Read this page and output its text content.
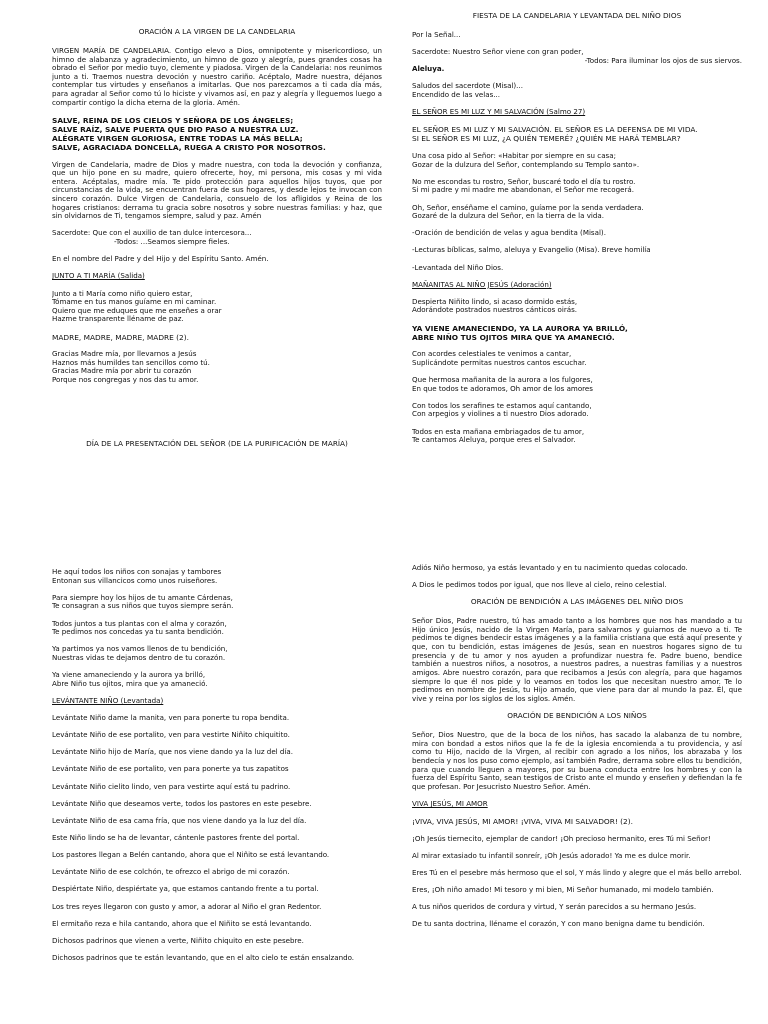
ORACIÓN A LA VIRGEN DE LA CANDELARIA

VIRGEN MARÍA DE CANDELARIA. Contigo elevo a Dios, omnipotente y misericordioso, un himno de alabanza y agradecimiento, un himno de gozo y alegría, pues grandes cosas ha obrado el Señor por medio tuyo, clemente y piadosa. Virgen de la Candelaria: nos reunimos junto a ti. Traemos nuestra devoción y nuestro cariño. Acéptalo, Madre nuestra, déjanos contemplar tus virtudes y enseñanos a imitarlas. Que nos parezcamos a ti cada día más, para agradar al Señor como tú lo hiciste y vivamos así, en paz y alegría y lleguemos luego a compartir contigo la dicha eterna de la gloria. Amén.

SALVE, REINA DE LOS CIELOS Y SEÑORA DE LOS ÁNGELES;
SALVE RAÍZ, SALVE PUERTA QUE DIO PASO A NUESTRA LUZ.
ALÉGRATE VIRGEN GLORIOSA, ENTRE TODAS LA MÁS BELLA;
SALVE, AGRACIADA DONCELLA, RUEGA A CRISTO POR NOSOTROS.

Virgen de Candelaria, madre de Dios y madre nuestra, con toda la devoción y confianza, que un hijo pone en su madre, quiero ofrecerte, hoy, mi persona, mis cosas y mi vida entera. Acéptalas, madre mía. Te pido protección para aquellos hijos tuyos, que por circunstancias de la vida, se encuentran fuera de sus hogares, y desde lejos te invocan con sincero corazón. Dulce Virgen de Candelaria, consuelo de los afligidos y Reina de los hogares cristianos: derrama tu gracia sobre nosotros y sobre nuestras familias: y haz, que sin olvidarnos de Ti, tengamos siempre, salud y paz. Amén

Sacerdote: Que con el auxilio de tan dulce intercesora...
-Todos: ...Seamos siempre fieles.

En el nombre del Padre y del Hijo y del Espíritu Santo. Amén.

JUNTO A TI MARÍA (Salida)

Junto a ti María como niño quiero estar,
Tómame en tus manos guíame en mi caminar.
Quiero que me eduques que me enseñes a orar
Hazme transparente lléname de paz.

MADRE, MADRE, MADRE, MADRE (2).

Gracias Madre mía, por llevarnos a Jesús
Haznos más humildes tan sencillos como tú.
Gracias Madre mía por abrir tu corazón
Porque nos congregas y nos das tu amor.

DÍA DE LA PRESENTACIÓN DEL SEÑOR (DE LA PURIFICACIÓN DE MARÍA)

FIESTA DE LA CANDELARIA Y LEVANTADA DEL NIÑO DIOS

Por la Señal...

Sacerdote: Nuestro Señor viene con gran poder,
-Todos: Para iluminar los ojos de sus siervos.
Aleluya.

Saludos del sacerdote (Misal)...
Encendido de las velas...

EL SEÑOR ES MI LUZ Y MI SALVACIÓN (Salmo 27)

EL SEÑOR ES MI LUZ Y MI SALVACIÓN. EL SEÑOR ES LA DEFENSA DE MI VIDA.
SI EL SEÑOR ES MI LUZ, ¿A QUIÉN TEMERÉ? ¿QUIÉN ME HARÁ TEMBLAR?

Una cosa pido al Señor: «Habitar por siempre en su casa;
Gozar de la dulzura del Señor, contemplando su Templo santo».

No me escondas tu rostro, Señor, buscaré todo el día tu rostro.
Si mi padre y mi madre me abandonan, el Señor me recogerá.

Oh, Señor, enséñame el camino, guíame por la senda verdadera.
Gozaré de la dulzura del Señor, en la tierra de la vida.

-Oración de bendición de velas y agua bendita (Misal).

-Lecturas bíblicas, salmo, aleluya y Evangelio (Misa). Breve homilía

-Levantada del Niño Dios.

MAÑANITAS AL NIÑO JESÚS (Adoración)

Despierta Niñito lindo, si acaso dormido estás,
Adorándote postrados nuestros cánticos oirás.

YA VIENE AMANECIENDO, YA LA AURORA YA BRILLÓ,
ABRE NIÑO TUS OJITOS MIRA QUE YA AMANECIÓ.

Con acordes celestiales te venimos a cantar,
Suplicándote permitas nuestros cantos escuchar.

Que hermosa mañanita de la aurora a los fulgores,
En que todos te adoramos, Oh amor de los amores

Con todos los serafines te estamos aquí cantando,
Con arpegios y violines a ti nuestro Dios adorado.

Todos en esta mañana embriagados de tu amor,
Te cantamos Aleluya, porque eres el Salvador.

He aquí todos los niños con sonajas y tambores
Entonan sus villancicos como unos ruiseñores.

Para siempre hoy los hijos de tu amante Cárdenas,
Te consagran a sus niños que tuyos siempre serán.

Todos juntos a tus plantas con el alma y corazón,
Te pedimos nos concedas ya tu santa bendición.

Ya partimos ya nos vamos llenos de tu bendición,
Nuestras vidas te dejamos dentro de tu corazón.

Ya viene amaneciendo y la aurora ya brilló,
Abre Niño tus ojitos, mira que ya amaneció.

LEVÁNTANTE NIÑO (Levantada)

Levántate Niño dame la manita, ven para ponerte tu ropa bendita.

Levántate Niño de ese portalito, ven para vestirte Niñito chiquitito.

Levántate Niño hijo de María, que nos viene dando ya la luz del día.

Levántate Niño de ese portalito, ven para ponerte ya tus zapatitos

Levántate Niño cielito lindo, ven para vestirte aquí está tu padrino.

Levántate Niño que deseamos verte, todos los pastores en este pesebre.

Levántate Niño de esa cama fría, que nos viene dando ya la luz del día.

Este Niño lindo se ha de levantar, cántenle pastores frente del portal.

Los pastores llegan a Belén cantando, ahora que el Niñito se está levantando.

Levántate Niño de ese colchón, te ofrezco el abrigo de mi corazón.

Despiértate Niño, despiértate ya, que estamos cantando frente a tu portal.

Los tres reyes llegaron con gusto y amor, a adorar al Niño el gran Redentor.

El ermitaño reza e hila cantando, ahora que el Niñito se está levantando.

Dichosos padrinos que vienen a verte, Niñito chiquito en este pesebre.

Dichosos padrinos que te están levantando, que en el alto cielo te están ensalzando.

Adiós Niño hermoso, ya estás levantado y en tu nacimiento quedas colocado.

A Dios le pedimos todos por igual, que nos lleve al cielo, reino celestial.

ORACIÓN DE BENDICIÓN A LAS IMÁGENES DEL NIÑO DIOS

Señor Dios, Padre nuestro, tú has amado tanto a los hombres que nos has mandado a tu Hijo único Jesús, nacido de la Virgen María, para salvarnos y guiarnos de nuevo a ti. Te pedimos te dignes bendecir estas imágenes y a la familia cristiana que está aquí presente y que, con tu bendición, estas imágenes de Jesús, sean en nuestros hogares signo de tu presencia y de tu amor y nos ayuden a profundizar nuestra fe. Padre bueno, bendice también a nuestros niños, a nosotros, a nuestros padres, a nuestras familias y a nuestros amigos. Abre nuestro corazón, para que recibamos a Jesús con alegría, para que hagamos siempre lo que él nos pide y lo veamos en todos los que necesitan nuestro amor. Te lo pedimos en nombre de Jesús, tu Hijo amado, que viene para dar al mundo la paz. Él, que vive y reina por los siglos de los siglos. Amén.

ORACIÓN DE BENDICIÓN A LOS NIÑOS

Señor, Dios Nuestro, que de la boca de los niños, has sacado la alabanza de tu nombre, mira con bondad a estos niños que la fe de la iglesia encomienda a tu providencia, y así como tu Hijo, nacido de la Virgen, al recibir con agrado a los niños, los abrazaba y los bendecía y nos los puso como ejemplo, así también Padre, derrama sobre ellos tu bendición, para que cuando lleguen a mayores, por su buena conducta entre los hombres y con la fuerza del Espíritu Santo, sean testigos de Cristo ante el mundo y enseñen y defiendan la fe que profesan. Por Jesucristo Nuestro Señor. Amén.

VIVA JESÚS, MI AMOR

¡VIVA, VIVA JESÚS, MI AMOR! ¡VIVA, VIVA MI SALVADOR! (2).

¡Oh Jesús tiernecito, ejemplar de candor! ¡Oh precioso hermanito, eres Tú mi Señor!

Al mirar extasiado tu infantil sonreír, ¡Oh Jesús adorado! Ya me es dulce morir.

Eres Tú en el pesebre más hermoso que el sol, Y más lindo y alegre que el más bello arrebol.

Eres, ¡Oh niño amado! Mi tesoro y mi bien, Mi Señor humanado, mi modelo también.

A tus niños queridos de cordura y virtud, Y serán parecidos a su hermano Jesús.

De tu santa doctrina, lléname el corazón, Y con mano benigna dame tu bendición.
